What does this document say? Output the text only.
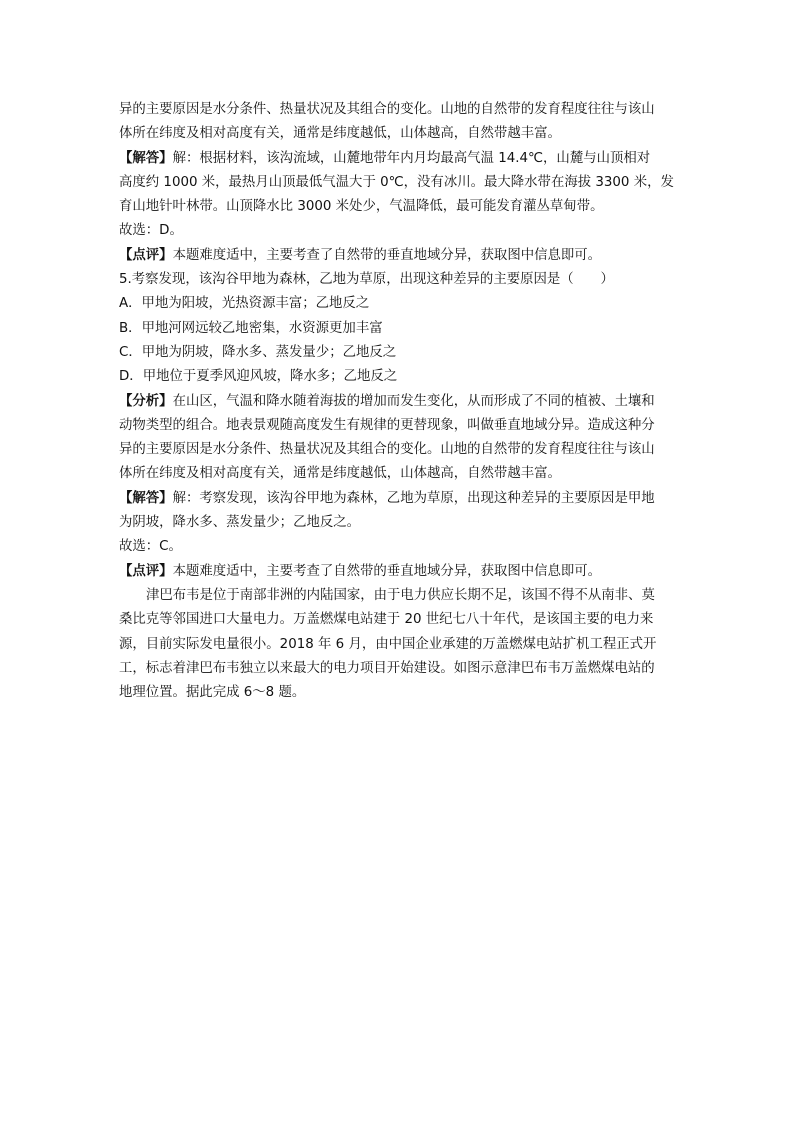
异的主要原因是水分条件、热量状况及其组合的变化。山地的自然带的发育程度往往与该山
体所在纬度及相对高度有关，通常是纬度越低，山体越高，自然带越丰富。
【解答】解：根据材料，该沟流域，山麓地带年内月均最高气温 14.4℃，山麓与山顶相对
高度约 1000 米，最热月山顶最低气温大于 0℃，没有冰川。最大降水带在海拔 3300 米，发
育山地针叶林带。山顶降水比 3000 米处少，气温降低，最可能发育灌丛草甸带。
故选：D。
【点评】本题难度适中，主要考查了自然带的垂直地域分异，获取图中信息即可。
5.考察发现，该沟谷甲地为森林，乙地为草原，出现这种差异的主要原因是（　　）
A．甲地为阳坡，光热资源丰富；乙地反之
B．甲地河网远较乙地密集，水资源更加丰富
C．甲地为阴坡，降水多、蒸发量少；乙地反之
D．甲地位于夏季风迎风坡，降水多；乙地反之
【分析】在山区，气温和降水随着海拔的增加而发生变化，从而形成了不同的植被、土壤和
动物类型的组合。地表景观随高度发生有规律的更替现象，叫做垂直地域分异。造成这种分
异的主要原因是水分条件、热量状况及其组合的变化。山地的自然带的发育程度往往与该山
体所在纬度及相对高度有关，通常是纬度越低，山体越高，自然带越丰富。
【解答】解：考察发现，该沟谷甲地为森林，乙地为草原，出现这种差异的主要原因是甲地
为阴坡，降水多、蒸发量少；乙地反之。
故选：C。
【点评】本题难度适中，主要考查了自然带的垂直地域分异，获取图中信息即可。
津巴布韦是位于南部非洲的内陆国家，由于电力供应长期不足，该国不得不从南非、莫
桑比克等邻国进口大量电力。万盖燃煤电站建于 20 世纪七八十年代，是该国主要的电力来
源，目前实际发电量很小。2018 年 6 月，由中国企业承建的万盖燃煤电站扩机工程正式开
工，标志着津巴布韦独立以来最大的电力项目开始建设。如图示意津巴布韦万盖燃煤电站的
地理位置。据此完成 6～8 题。
